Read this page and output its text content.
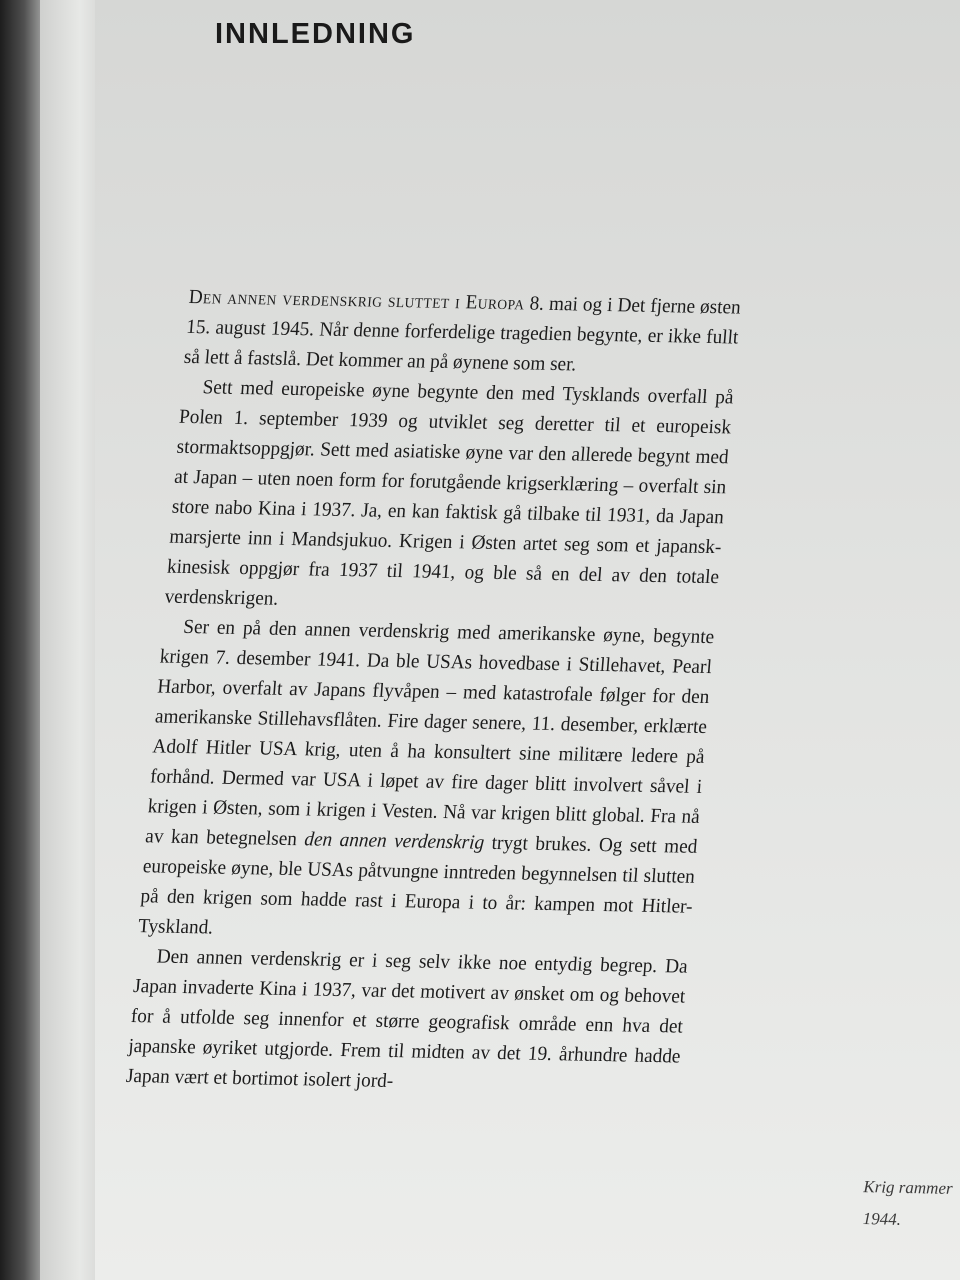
INNLEDNING

Den annen verdenskrig sluttet i Europa 8. mai og i Det fjerne østen 15. august 1945. Når denne forferdelige tragedien begynte, er ikke fullt så lett å fastslå. Det kommer an på øynene som ser.

Sett med europeiske øyne begynte den med Tysklands overfall på Polen 1. september 1939 og utviklet seg deretter til et europeisk stormaktsoppgjør. Sett med asiatiske øyne var den allerede begynt med at Japan – uten noen form for forutgående krigserklæring – overfalt sin store nabo Kina i 1937. Ja, en kan faktisk gå tilbake til 1931, da Japan marsjerte inn i Mandsjukuo. Krigen i Østen artet seg som et japansk-kinesisk oppgjør fra 1937 til 1941, og ble så en del av den totale verdenskrigen.

Ser en på den annen verdenskrig med amerikanske øyne, begynte krigen 7. desember 1941. Da ble USAs hovedbase i Stillehavet, Pearl Harbor, overfalt av Japans flyvåpen – med katastrofale følger for den amerikanske Stillehavsflåten. Fire dager senere, 11. desember, erklærte Adolf Hitler USA krig, uten å ha konsultert sine militære ledere på forhånd. Dermed var USA i løpet av fire dager blitt involvert såvel i krigen i Østen, som i krigen i Vesten. Nå var krigen blitt global. Fra nå av kan betegnelsen den annen verdenskrig trygt brukes. Og sett med europeiske øyne, ble USAs påtvungne inntreden begynnelsen til slutten på den krigen som hadde rast i Europa i to år: kampen mot Hitler-Tyskland.

Den annen verdenskrig er i seg selv ikke noe entydig begrep. Da Japan invaderte Kina i 1937, var det motivert av ønsket om og behovet for å utfolde seg innenfor et større geografisk område enn hva det japanske øyriket utgjorde. Frem til midten av det 19. århundre hadde Japan vært et bortimot isolert jord-

Krig rammer
1944.
